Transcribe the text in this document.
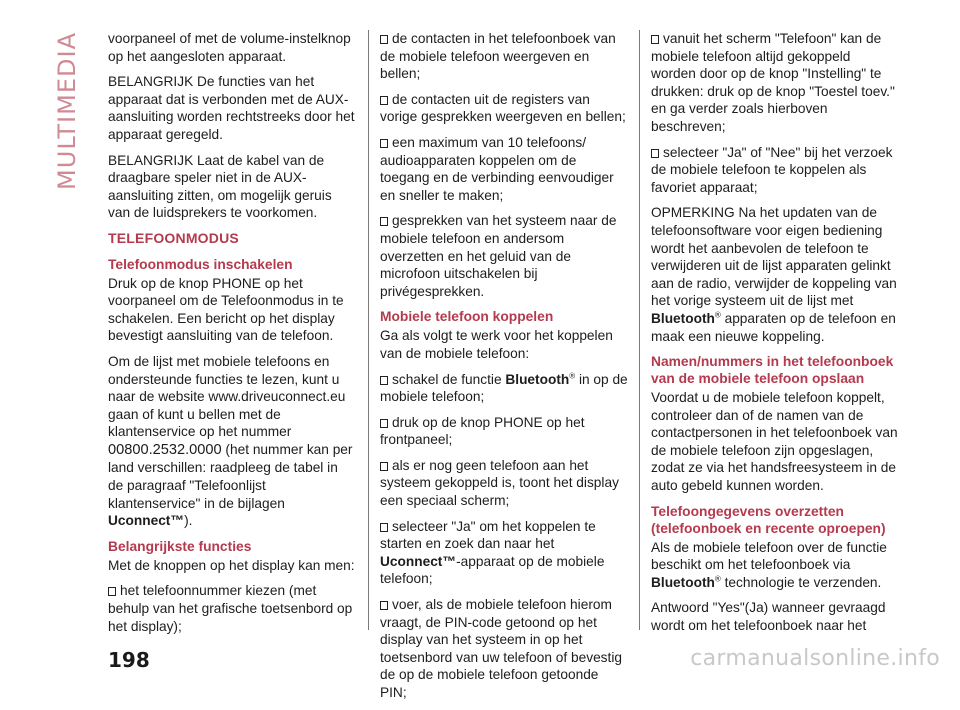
MULTIMEDIA voorpaneel of met de volume-instelknop op het aangesloten apparaat.

BELANGRIJK De functies van het apparaat dat is verbonden met de AUX-aansluiting worden rechtstreeks door het apparaat geregeld.

BELANGRIJK Laat de kabel van de draagbare speler niet in de AUX-aansluiting zitten, om mogelijk geruis van de luidsprekers te voorkomen.

TELEFOONMODUS
Telefoonmodus inschakelen

Druk op de knop PHONE op het voorpaneel om de Telefoonmodus in te schakelen. Een bericht op het display bevestigt aansluiting van de telefoon.

Om de lijst met mobiele telefoons en ondersteunde functies te lezen, kunt u naar de website www.driveuconnect.eu gaan of kunt u bellen met de klantenservice op het nummer 00800.2532.0000 (het nummer kan per land verschillen: raadpleeg de tabel in de paragraaf "Telefoonlijst klantenservice" in de bijlagen Uconnect™).

Belangrijkste functies

Met de knoppen op het display kan men:

het telefoonnummer kiezen (met behulp van het grafische toetsenbord op het display);

de contacten in het telefoonboek van de mobiele telefoon weergeven en bellen;

de contacten uit de registers van vorige gesprekken weergeven en bellen;

een maximum van 10 telefoons/ audioapparaten koppelen om de toegang en de verbinding eenvoudiger en sneller te maken;

gesprekken van het systeem naar de mobiele telefoon en andersom overzetten en het geluid van de microfoon uitschakelen bij privégesprekken.

Mobiele telefoon koppelen

Ga als volgt te werk voor het koppelen van de mobiele telefoon:

schakel de functie Bluetooth® in op de mobiele telefoon;

druk op de knop PHONE op het frontpaneel;

als er nog geen telefoon aan het systeem gekoppeld is, toont het display een speciaal scherm;

selecteer "Ja" om het koppelen te starten en zoek dan naar het Uconnect™-apparaat op de mobiele telefoon;

voer, als de mobiele telefoon hierom vraagt, de PIN-code getoond op het display van het systeem in op het toetsenbord van uw telefoon of bevestig de op de mobiele telefoon getoonde PIN;

vanuit het scherm "Telefoon" kan de mobiele telefoon altijd gekoppeld worden door op de knop "Instelling" te drukken: druk op de knop "Toestel toev." en ga verder zoals hierboven beschreven;

selecteer "Ja" of "Nee" bij het verzoek de mobiele telefoon te koppelen als favoriet apparaat;

OPMERKING Na het updaten van de telefoonsoftware voor eigen bediening wordt het aanbevolen de telefoon te verwijderen uit de lijst apparaten gelinkt aan de radio, verwijder de koppeling van het vorige systeem uit de lijst met Bluetooth® apparaten op de telefoon en maak een nieuwe koppeling.

Namen/nummers in het telefoonboek van de mobiele telefoon opslaan

Voordat u de mobiele telefoon koppelt, controleer dan of de namen van de contactpersonen in het telefoonboek van de mobiele telefoon zijn opgeslagen, zodat ze via het handsfreesysteem in de auto gebeld kunnen worden.

Telefoongegevens overzetten (telefoonboek en recente oproepen)

Als de mobiele telefoon over de functie beschikt om het telefoonboek via Bluetooth® technologie te verzenden.

Antwoord "Yes"(Ja) wanneer gevraagd wordt om het telefoonboek naar het

198	carmanualsonline.info
